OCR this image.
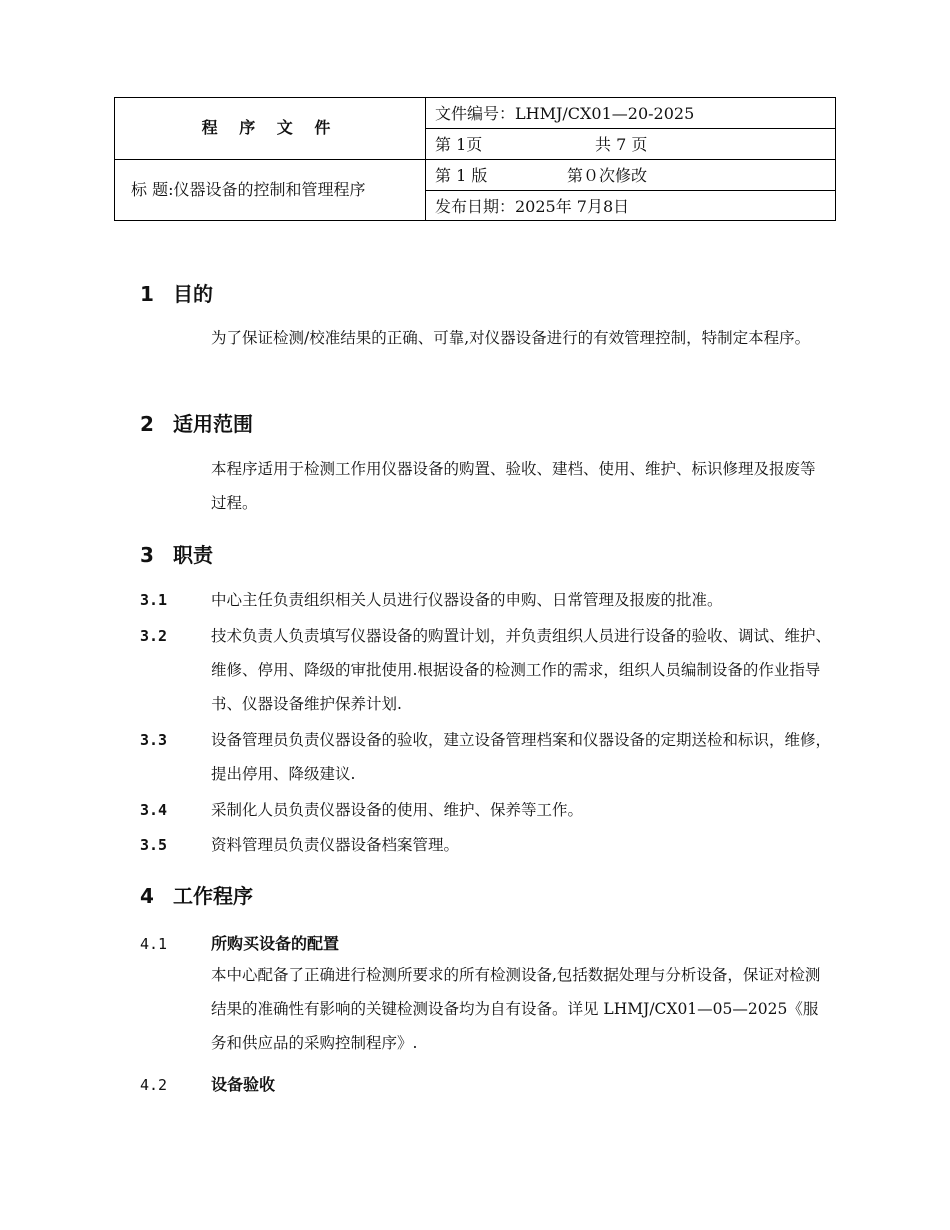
程 序 文 件
标 题:仪器设备的控制和管理程序
文件编号：LHMJ/CX01—20-2025
第 1页	共 7 页
第 1 版	第０次修改
发布日期：2025年 7月8日
1 目的
为了保证检测/校准结果的正确、可靠,对仪器设备进行的有效管理控制，特制定本程序。
2 适用范围
本程序适用于检测工作用仪器设备的购置、验收、建档、使用、维护、标识修理及报废等过程。
3 职责
3.1	中心主任负责组织相关人员进行仪器设备的申购、日常管理及报废的批准。
3.2	技术负责人负责填写仪器设备的购置计划，并负责组织人员进行设备的验收、调试、维护、维修、停用、降级的审批使用.根据设备的检测工作的需求，组织人员编制设备的作业指导书、仪器设备维护保养计划.
3.3	设备管理员负责仪器设备的验收，建立设备管理档案和仪器设备的定期送检和标识，维修，提出停用、降级建议.
3.4	采制化人员负责仪器设备的使用、维护、保养等工作。
3.5	资料管理员负责仪器设备档案管理。
4 工作程序
4.1	所购买设备的配置
本中心配备了正确进行检测所要求的所有检测设备,包括数据处理与分析设备，保证对检测结果的准确性有影响的关键检测设备均为自有设备。详见 LHMJ/CX01—05—2025《服务和供应品的采购控制程序》.
4.2	设备验收
